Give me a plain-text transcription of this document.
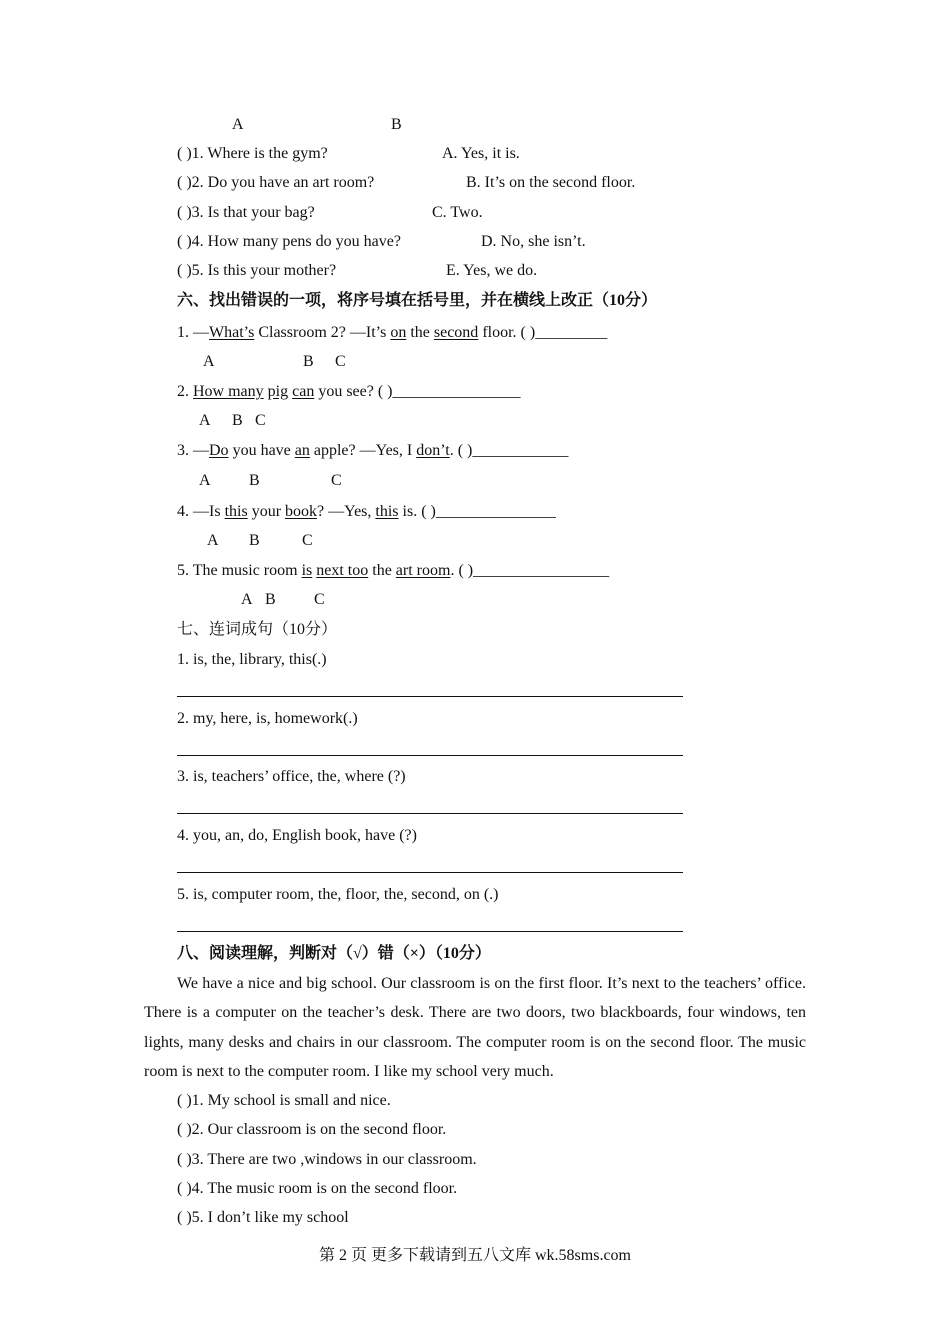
A	B
( )1. Where is the gym?	A. Yes, it is.
( )2. Do you have an art room?	B. It’s on the second floor.
( )3. Is that your bag?	C. Two.
( )4. How many pens do you have?	D. No, she isn’t.
( )5. Is this your mother?	E. Yes, we do.
六、找出错误的一项，将序号填在括号里，并在横线上改正（10分）
1. —What’s Classroom 2? —It’s on the second floor. ( )_________
A	B C
2. How many pig can you see? ( )________________
A B C
3. —Do you have an apple? —Yes, I don’t. ( )____________
A B	C
4. —Is this your book? —Yes, this is. ( )_______________
A B	C
5. The music room is next too the art room. ( )_________________
A B C
七、连词成句（10分）
1. is, the, library, this(.)
2. my, here, is, homework(.)
3. is, teachers’ office, the, where (?)
4. you, an, do, English book, have (?)
5. is, computer room, the, floor, the, second, on (.)
八、阅读理解，判断对（√）错（×）（10分）
We have a nice and big school. Our classroom is on the first floor. It’s next to the teachers’ office. There is a computer on the teacher’s desk. There are two doors, two blackboards, four windows, ten lights, many desks and chairs in our classroom. The computer room is on the second floor. The music room is next to the computer room. I like my school very much.
( )1. My school is small and nice.
( )2. Our classroom is on the second floor.
( )3. There are two ,windows in our classroom.
( )4. The music room is on the second floor.
( )5. I don’t like my school
第 2 页 更多下载请到五八文库 wk.58sms.com
